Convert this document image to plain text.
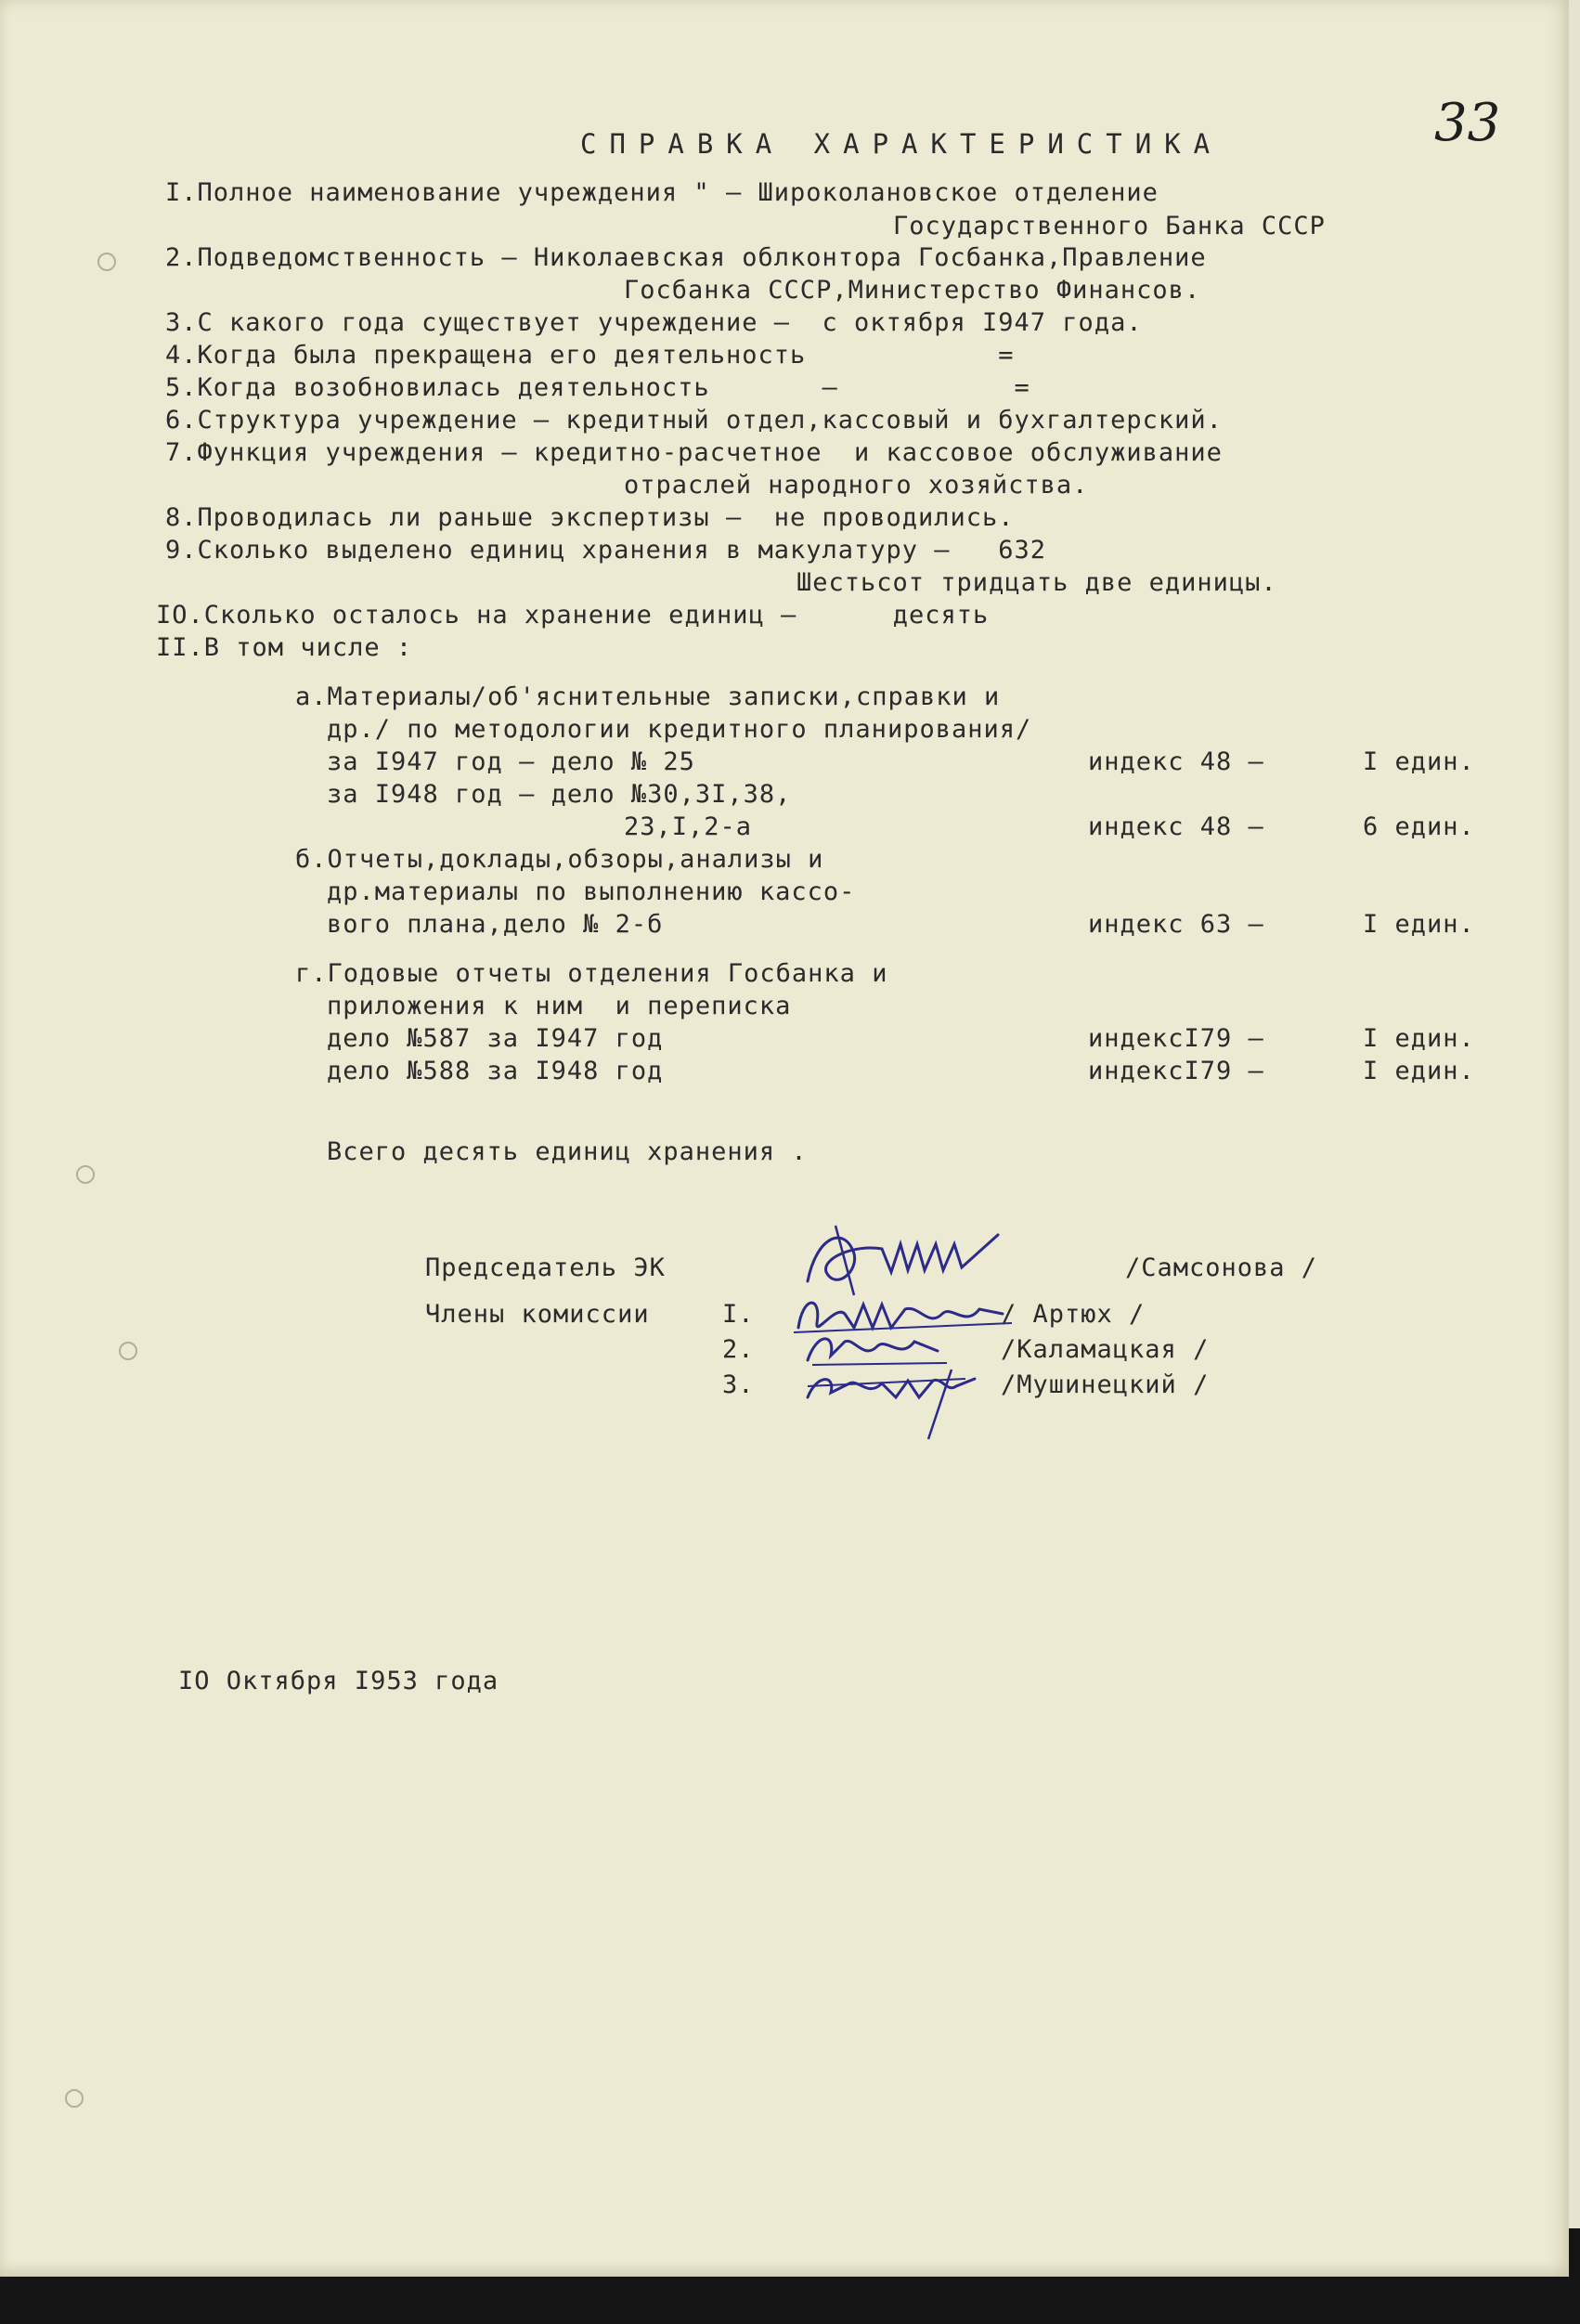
33
СПРАВКА ХАРАКТЕРИСТИКА
I.Полное наименование учреждения " – Широколановское отделение
Государственного Банка СССР
2.Подведомственность – Николаевская облконтора Госбанка,Правление
Госбанка СССР,Министерство Финансов.
3.С какого года существует учреждение –  с октября I947 года.
4.Когда была прекращена его деятельность            =
5.Когда возобновилась деятельность       –           =
6.Структура учреждение – кредитный отдел,кассовый и бухгалтерский.
7.Функция учреждения – кредитно-расчетное  и кассовое обслуживание
отраслей народного хозяйства.
8.Проводилась ли раньше экспертизы –  не проводились.
9.Сколько выделено единиц хранения в макулатуру –   632
Шестьсот тридцать две единицы.
IO.Сколько осталось на хранение единиц –      десять
II.В том числе :
а.Материалы/об'яснительные записки,справки и
др./ по методологии кредитного планирования/
за I947 год – дело № 25	индекс 48 –	I един.
за I948 год – дело №30,3I,38,
23,I,2-а	индекс 48 –	6 един.
б.Отчеты,доклады,обзоры,анализы и
др.материалы по выполнению кассо-
вого плана,дело № 2-б	индекс 63 –	I един.
г.Годовые отчеты отделения Госбанка и
приложения к ним  и переписка
дело №587 за I947 год	индексI79 –	I един.
дело №588 за I948 год	индексI79 –	I един.
Всего десять единиц хранения .
Председатель ЭК	/Самсонова /
Члены комиссии	I.	/ Артюх /
2.	/Каламацкая /
3.	/Мушинецкий /
IO Октября I953 года
